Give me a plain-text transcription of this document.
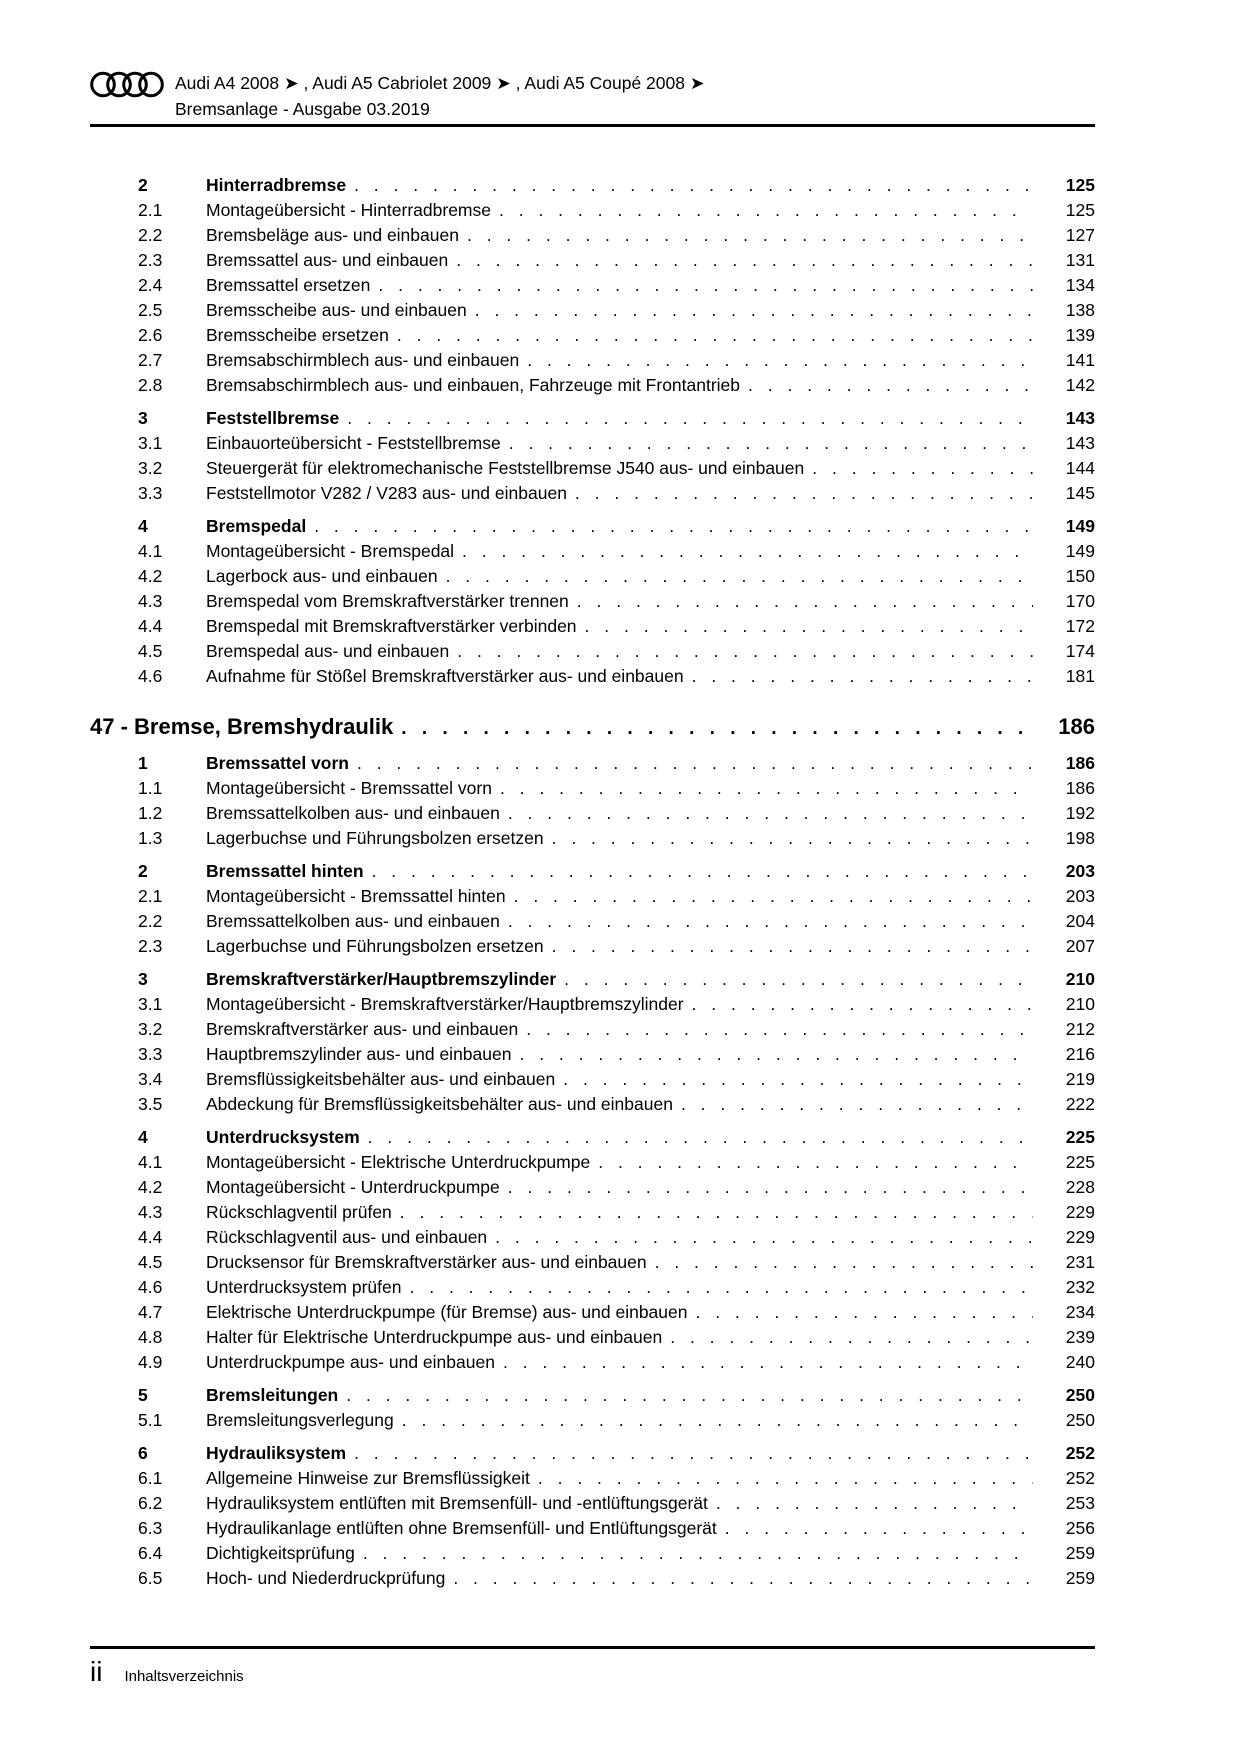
Audi A4 2008 ➤ , Audi A5 Cabriolet 2009 ➤ , Audi A5 Coupé 2008 ➤
Bremsanlage - Ausgabe 03.2019
2	Hinterradbremse . . .	125
2.1	Montageübersicht - Hinterradbremse . . .	125
2.2	Bremsbeläge aus- und einbauen . . .	127
2.3	Bremssattel aus- und einbauen . . .	131
2.4	Bremssattel ersetzen . . .	134
2.5	Bremsscheibe aus- und einbauen . . .	138
2.6	Bremsscheibe ersetzen . . .	139
2.7	Bremsabschirmblech aus- und einbauen . . .	141
2.8	Bremsabschirmblech aus- und einbauen, Fahrzeuge mit Frontantrieb . . .	142
3	Feststellbremse . . .	143
3.1	Einbauorteübersicht - Feststellbremse . . .	143
3.2	Steuergerät für elektromechanische Feststellbremse J540 aus- und einbauen . . .	144
3.3	Feststellmotor V282 / V283 aus- und einbauen . . .	145
4	Bremspedal . . .	149
4.1	Montageübersicht - Bremspedal . . .	149
4.2	Lagerbock aus- und einbauen . . .	150
4.3	Bremspedal vom Bremskraftverstärker trennen . . .	170
4.4	Bremspedal mit Bremskraftverstärker verbinden . . .	172
4.5	Bremspedal aus- und einbauen . . .	174
4.6	Aufnahme für Stößel Bremskraftverstärker aus- und einbauen . . .	181
47 - Bremse, Bremshydraulik . . .	186
1	Bremssattel vorn . . .	186
1.1	Montageübersicht - Bremssattel vorn . . .	186
1.2	Bremssattelkolben aus- und einbauen . . .	192
1.3	Lagerbuchse und Führungsbolzen ersetzen . . .	198
2	Bremssattel hinten . . .	203
2.1	Montageübersicht - Bremssattel hinten . . .	203
2.2	Bremssattelkolben aus- und einbauen . . .	204
2.3	Lagerbuchse und Führungsbolzen ersetzen . . .	207
3	Bremskraftverstärker/Hauptbremszylinder . . .	210
3.1	Montageübersicht - Bremskraftverstärker/Hauptbremszylinder . . .	210
3.2	Bremskraftverstärker aus- und einbauen . . .	212
3.3	Hauptbremszylinder aus- und einbauen . . .	216
3.4	Bremsflüssigkeitsbehälter aus- und einbauen . . .	219
3.5	Abdeckung für Bremsflüssigkeitsbehälter aus- und einbauen . . .	222
4	Unterdrucksystem . . .	225
4.1	Montageübersicht - Elektrische Unterdruckpumpe . . .	225
4.2	Montageübersicht - Unterdruckpumpe . . .	228
4.3	Rückschlagventil prüfen . . .	229
4.4	Rückschlagventil aus- und einbauen . . .	229
4.5	Drucksensor für Bremskraftverstärker aus- und einbauen . . .	231
4.6	Unterdrucksystem prüfen . . .	232
4.7	Elektrische Unterdruckpumpe (für Bremse) aus- und einbauen . . .	234
4.8	Halter für Elektrische Unterdruckpumpe aus- und einbauen . . .	239
4.9	Unterdruckpumpe aus- und einbauen . . .	240
5	Bremsleitungen . . .	250
5.1	Bremsleitungsverlegung . . .	250
6	Hydrauliksystem . . .	252
6.1	Allgemeine Hinweise zur Bremsflüssigkeit . . .	252
6.2	Hydrauliksystem entlüften mit Bremsenfüll- und -entlüftungsgerät . . .	253
6.3	Hydraulikanlage entlüften ohne Bremsenfüll- und Entlüftungsgerät . . .	256
6.4	Dichtigkeitsprüfung . . .	259
6.5	Hoch- und Niederdruckprüfung . . .	259
ii Inhaltsverzeichnis
